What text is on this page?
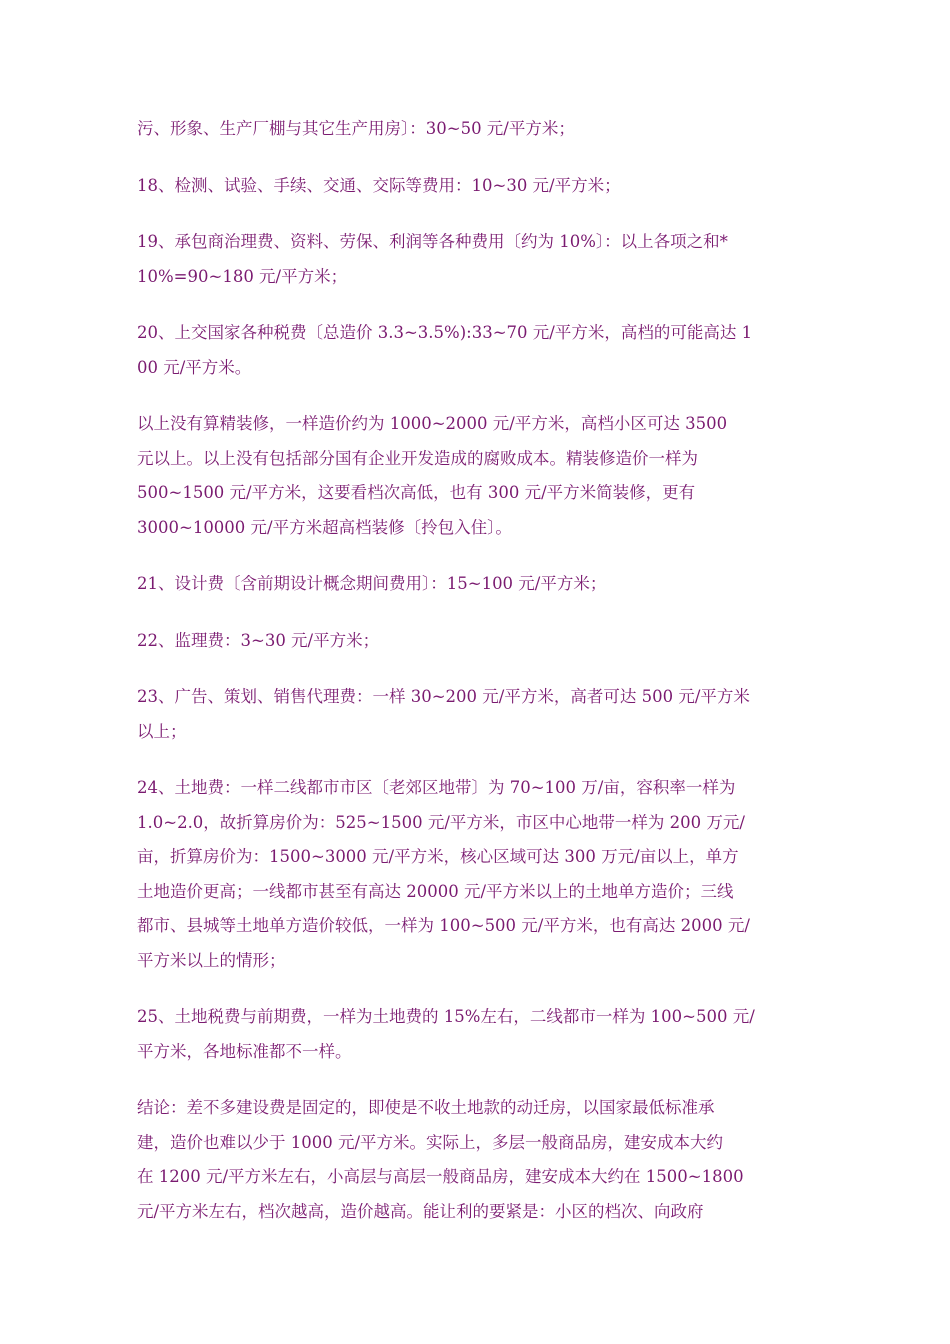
污、形象、生产厂棚与其它生产用房〕：30~50 元/平方米；
18、检测、试验、手续、交通、交际等费用：10~30 元/平方米；
19、承包商治理费、资料、劳保、利润等各种费用〔约为 10%〕：以上各项之和*
10%=90~180 元/平方米；
20、上交国家各种税费〔总造价 3.3~3.5%):33~70 元/平方米，高档的可能高达 1
00 元/平方米。
以上没有算精装修，一样造价约为 1000~2000 元/平方米，高档小区可达 3500
元以上。以上没有包括部分国有企业开发造成的腐败成本。精装修造价一样为
500~1500 元/平方米，这要看档次高低，也有 300 元/平方米简装修，更有
3000~10000 元/平方米超高档装修〔拎包入住〕。
21、设计费〔含前期设计概念期间费用〕：15~100 元/平方米；
22、监理费：3~30 元/平方米；
23、广告、策划、销售代理费：一样 30~200 元/平方米，高者可达 500 元/平方米
以上；
24、土地费：一样二线都市市区〔老郊区地带〕为 70~100 万/亩，容积率一样为
1.0~2.0，故折算房价为：525~1500 元/平方米，市区中心地带一样为 200 万元/
亩，折算房价为：1500~3000 元/平方米，核心区域可达 300 万元/亩以上，单方
土地造价更高；一线都市甚至有高达 20000 元/平方米以上的土地单方造价；三线
都市、县城等土地单方造价较低，一样为 100~500 元/平方米，也有高达 2000 元/
平方米以上的情形；
25、土地税费与前期费，一样为土地费的 15%左右，二线都市一样为 100~500 元/
平方米，各地标准都不一样。
结论：差不多建设费是固定的，即使是不收土地款的动迁房，以国家最低标准承
建，造价也难以少于 1000 元/平方米。实际上，多层一般商品房，建安成本大约
在 1200 元/平方米左右，小高层与高层一般商品房，建安成本大约在 1500~1800
元/平方米左右，档次越高，造价越高。能让利的要紧是：小区的档次、向政府
